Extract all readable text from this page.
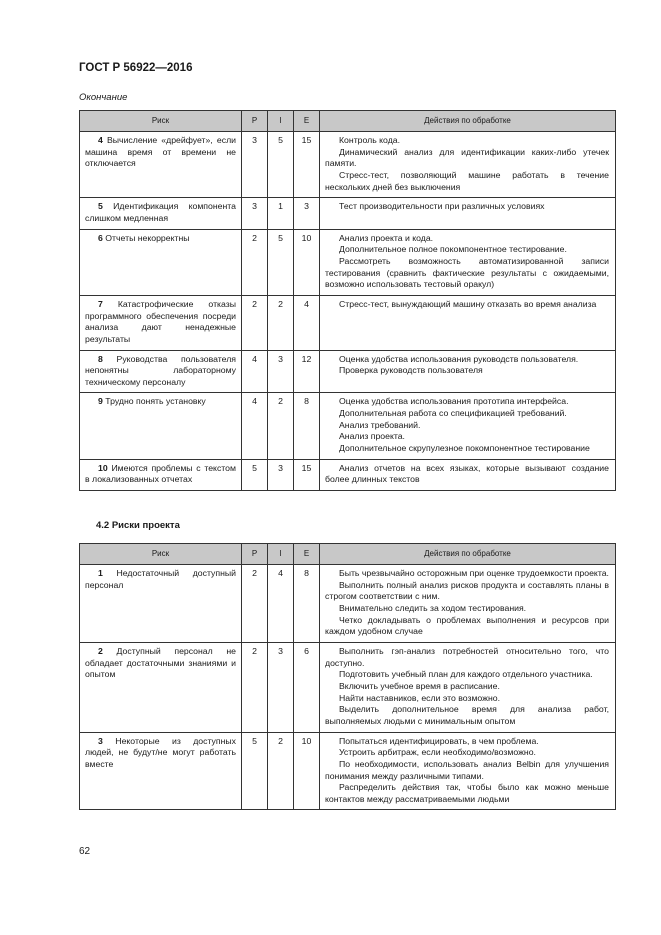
ГОСТ Р 56922—2016
Окончание
Риск	P	I	E	Действия по обработке
  4 Вычисление «дрейфует», если машина время от времени не отключается	3	5	15	Контроль кода.
Динамический анализ для идентификации каких-либо утечек памяти.
Стресс-тест, позволяющий машине работать в течение нескольких дней без выключения

  5 Идентификация компонента слишком медленная	3	1	3	Тест производительности при различных условиях

  6 Отчеты некорректны	2	5	10	Анализ проекта и кода.
Дополнительное полное покомпонентное тестирование.
Рассмотреть возможность автоматизированной записи тестирования (сравнить фактические результаты с ожидаемыми, возможно использовать тестовый оракул)

  7 Катастрофические отказы программного обеспечения посреди анализа дают ненадежные результаты	2	2	4	Стресс-тест, вынуждающий машину отказать во время анализа

  8 Руководства пользователя непонятны лабораторному техническому персоналу	4	3	12	Оценка удобства использования руководств пользователя.
Проверка руководств пользователя

  9 Трудно понять установку	4	2	8	Оценка удобства использования прототипа интерфейса.
Дополнительная работа со спецификацией требований.
Анализ требований.
Анализ проекта.
Дополнительное скрупулезное покомпонентное тестирование

  10 Имеются проблемы с текстом в локализованных отчетах	5	3	15	Анализ отчетов на всех языках, которые вызывают создание более длинных текстов
4.2 Риски проекта
Риск	P	I	E	Действия по обработке
  1 Недостаточный доступный персонал	2	4	8	Быть чрезвычайно осторожным при оценке трудоемкости проекта.
Выполнить полный анализ рисков продукта и составлять планы в строгом соответствии с ним.
Внимательно следить за ходом тестирования.
Четко докладывать о проблемах выполнения и ресурсов при каждом удобном случае

  2 Доступный персонал не обладает достаточными знаниями и опытом	2	3	6	Выполнить гэп-анализ потребностей относительно того, что доступно.
Подготовить учебный план для каждого отдельного участника.
Включить учебное время в расписание.
Найти наставников, если это возможно.
Выделить дополнительное время для анализа работ, выполняемых людьми с минимальным опытом

  3 Некоторые из доступных людей, не будут/не могут работать вместе	5	2	10	Попытаться идентифицировать, в чем проблема.
Устроить арбитраж, если необходимо/возможно.
По необходимости, использовать анализ Belbin для улучшения понимания между различными типами.
Распределить действия так, чтобы было как можно меньше контактов между рассматриваемыми людьми
62
